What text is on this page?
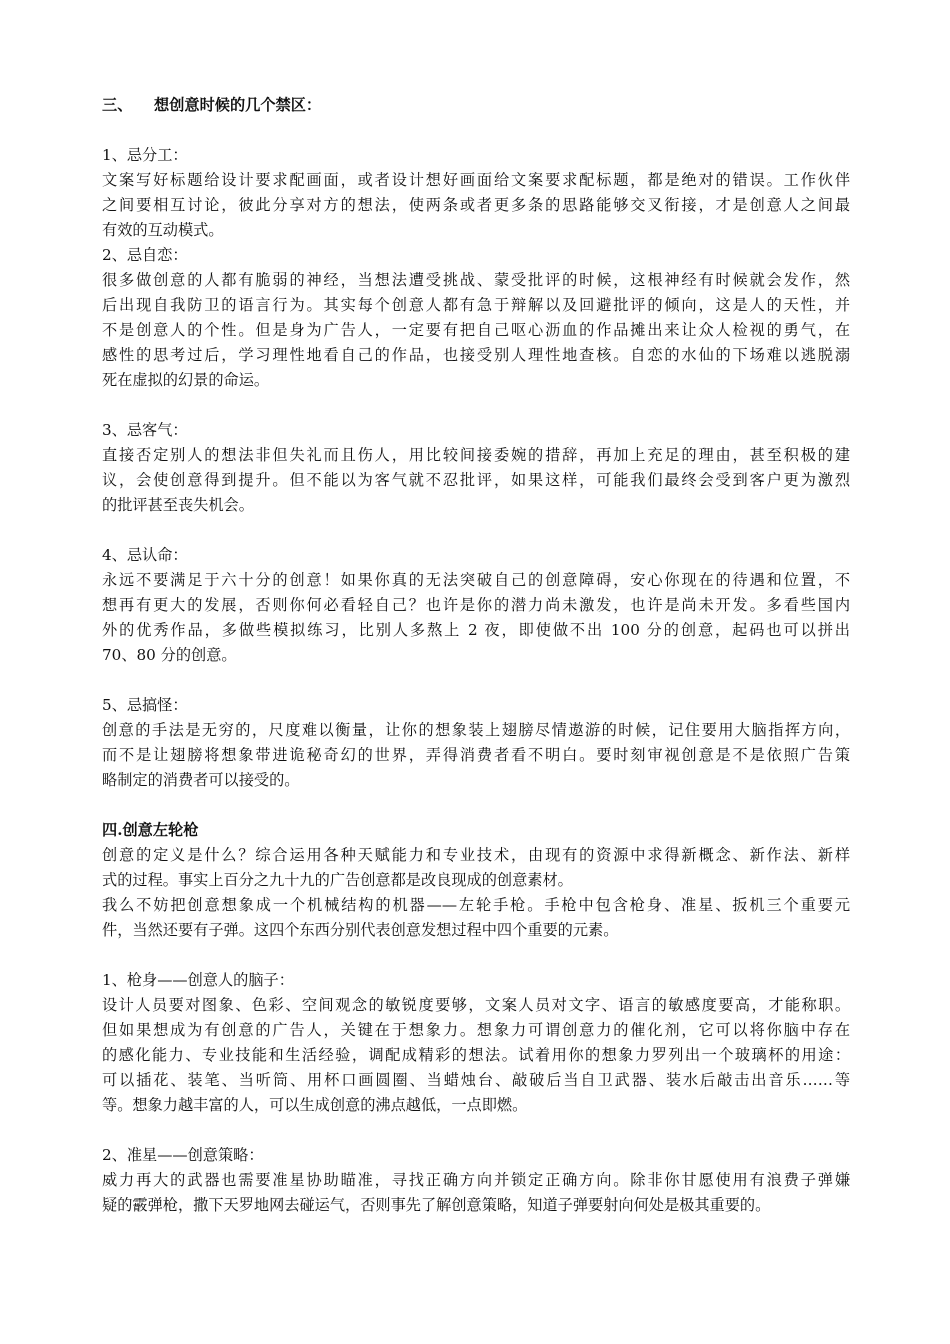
三、 想创意时候的几个禁区：
1、忌分工：
文案写好标题给设计要求配画面，或者设计想好画面给文案要求配标题，都是绝对的错误。工作伙伴
之间要相互讨论，彼此分享对方的想法，使两条或者更多条的思路能够交叉衔接，才是创意人之间最
有效的互动模式。
2、忌自恋：
很多做创意的人都有脆弱的神经，当想法遭受挑战、蒙受批评的时候，这根神经有时候就会发作，然
后出现自我防卫的语言行为。其实每个创意人都有急于辩解以及回避批评的倾向，这是人的天性，并
不是创意人的个性。但是身为广告人，一定要有把自己呕心沥血的作品摊出来让众人检视的勇气，在
感性的思考过后，学习理性地看自己的作品，也接受别人理性地查核。自恋的水仙的下场难以逃脱溺
死在虚拟的幻景的命运。
3、忌客气：
直接否定别人的想法非但失礼而且伤人，用比较间接委婉的措辞，再加上充足的理由，甚至积极的建
议，会使创意得到提升。但不能以为客气就不忍批评，如果这样，可能我们最终会受到客户更为激烈
的批评甚至丧失机会。
4、忌认命：
永远不要满足于六十分的创意！如果你真的无法突破自己的创意障碍，安心你现在的待遇和位置，不
想再有更大的发展，否则你何必看轻自己？也许是你的潜力尚未激发，也许是尚未开发。多看些国内
外的优秀作品，多做些模拟练习，比别人多熬上 2 夜，即使做不出 100 分的创意，起码也可以拼出
70、80 分的创意。
5、忌搞怪：
创意的手法是无穷的，尺度难以衡量，让你的想象装上翅膀尽情遨游的时候，记住要用大脑指挥方向，
而不是让翅膀将想象带进诡秘奇幻的世界，弄得消费者看不明白。要时刻审视创意是不是依照广告策
略制定的消费者可以接受的。
四.创意左轮枪
创意的定义是什么？综合运用各种天赋能力和专业技术，由现有的资源中求得新概念、新作法、新样
式的过程。事实上百分之九十九的广告创意都是改良现成的创意素材。
我么不妨把创意想象成一个机械结构的机器——左轮手枪。手枪中包含枪身、准星、扳机三个重要元
件，当然还要有子弹。这四个东西分别代表创意发想过程中四个重要的元素。
1、枪身——创意人的脑子：
设计人员要对图象、色彩、空间观念的敏锐度要够，文案人员对文字、语言的敏感度要高，才能称职。
但如果想成为有创意的广告人，关键在于想象力。想象力可谓创意力的催化剂，它可以将你脑中存在
的感化能力、专业技能和生活经验，调配成精彩的想法。试着用你的想象力罗列出一个玻璃杯的用途：
可以插花、装笔、当听筒、用杯口画圆圈、当蜡烛台、敲破后当自卫武器、装水后敲击出音乐……等
等。想象力越丰富的人，可以生成创意的沸点越低，一点即燃。
2、准星——创意策略：
威力再大的武器也需要准星协助瞄准，寻找正确方向并锁定正确方向。除非你甘愿使用有浪费子弹嫌
疑的霰弹枪，撒下天罗地网去碰运气，否则事先了解创意策略，知道子弹要射向何处是极其重要的。
